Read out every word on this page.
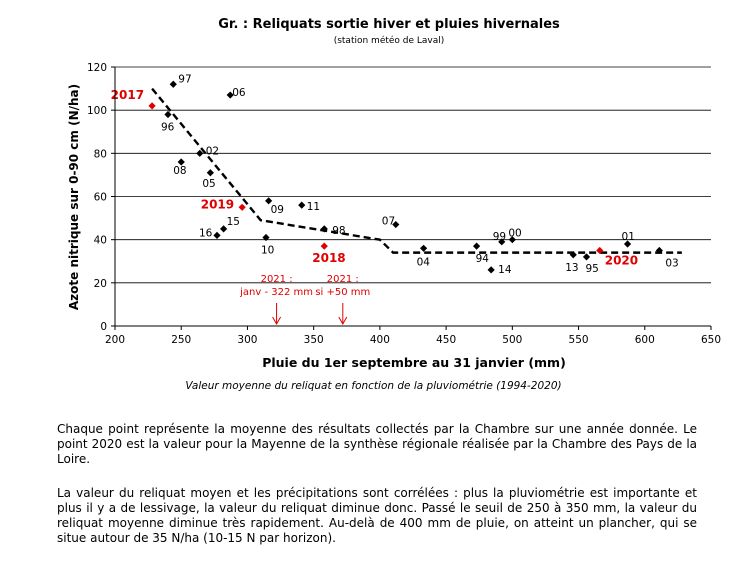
Gr. : Reliquats sortie hiver et pluies hivernales
(station météo de Laval)
2021 :
janv - 322 mm
2021 :
si +50 mm
97
06
2017
96
02
08
05
09 11
2019
07
15
98
16
10
00
99	01
2018	94
04	2020	03
13 95
14
0
20
40
60
80
100
120
200	250	300	350	400	450	500	550	600	650
Pluie du 1er septembre au 31 janvier (mm)
Azote nitrique sur 0-90 cm (N/ha)
Valeur moyenne du reliquat en fonction de la pluviométrie (1994-2020)
Chaque point représente la moyenne des résultats collectés par la Chambre sur une année donnée. Le point 2020 est la valeur pour la Mayenne de la synthèse régionale réalisée par la Chambre des Pays de la Loire.
La valeur du reliquat moyen et les précipitations sont corrélées : plus la pluviométrie est importante et plus il y a de lessivage, la valeur du reliquat diminue donc. Passé le seuil de 250 à 350 mm, la valeur du reliquat moyenne diminue très rapidement. Au-delà de 400 mm de pluie, on atteint un plancher, qui se situe autour de 35 N/ha (10-15 N par horizon).
